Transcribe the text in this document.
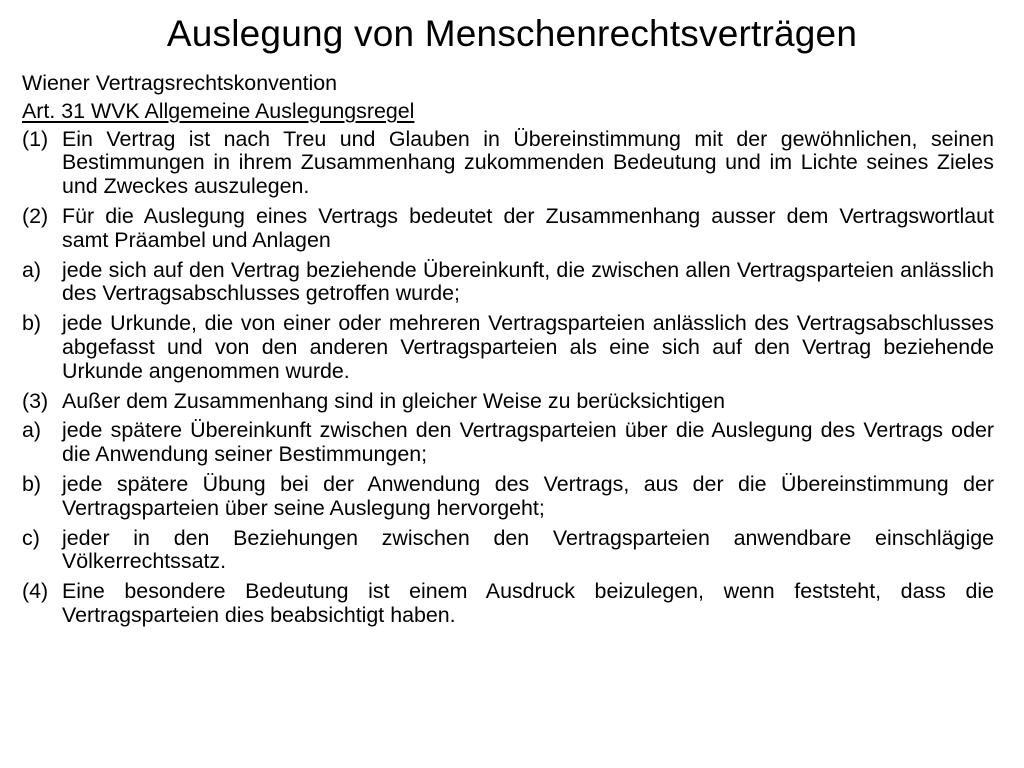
Auslegung von Menschenrechtsverträgen
Wiener Vertragsrechtskonvention
Art. 31 WVK Allgemeine Auslegungsregel
(1) Ein Vertrag ist nach Treu und Glauben in Übereinstimmung mit der gewöhnlichen, seinen Bestimmungen in ihrem Zusammenhang zukommenden Bedeutung und im Lichte seines Zieles und Zweckes auszulegen.
(2) Für die Auslegung eines Vertrags bedeutet der Zusammenhang ausser dem Vertragswortlaut samt Präambel und Anlagen
a) jede sich auf den Vertrag beziehende Übereinkunft, die zwischen allen Vertragsparteien anlässlich des Vertragsabschlusses getroffen wurde;
b) jede Urkunde, die von einer oder mehreren Vertragsparteien anlässlich des Vertragsabschlusses abgefasst und von den anderen Vertragsparteien als eine sich auf den Vertrag beziehende Urkunde angenommen wurde.
(3) Außer dem Zusammenhang sind in gleicher Weise zu berücksichtigen
a) jede spätere Übereinkunft zwischen den Vertragsparteien über die Auslegung des Vertrags oder die Anwendung seiner Bestimmungen;
b) jede spätere Übung bei der Anwendung des Vertrags, aus der die Übereinstimmung der Vertragsparteien über seine Auslegung hervorgeht;
c) jeder in den Beziehungen zwischen den Vertragsparteien anwendbare einschlägige Völkerrechtssatz.
(4) Eine besondere Bedeutung ist einem Ausdruck beizulegen, wenn feststeht, dass die Vertragsparteien dies beabsichtigt haben.
